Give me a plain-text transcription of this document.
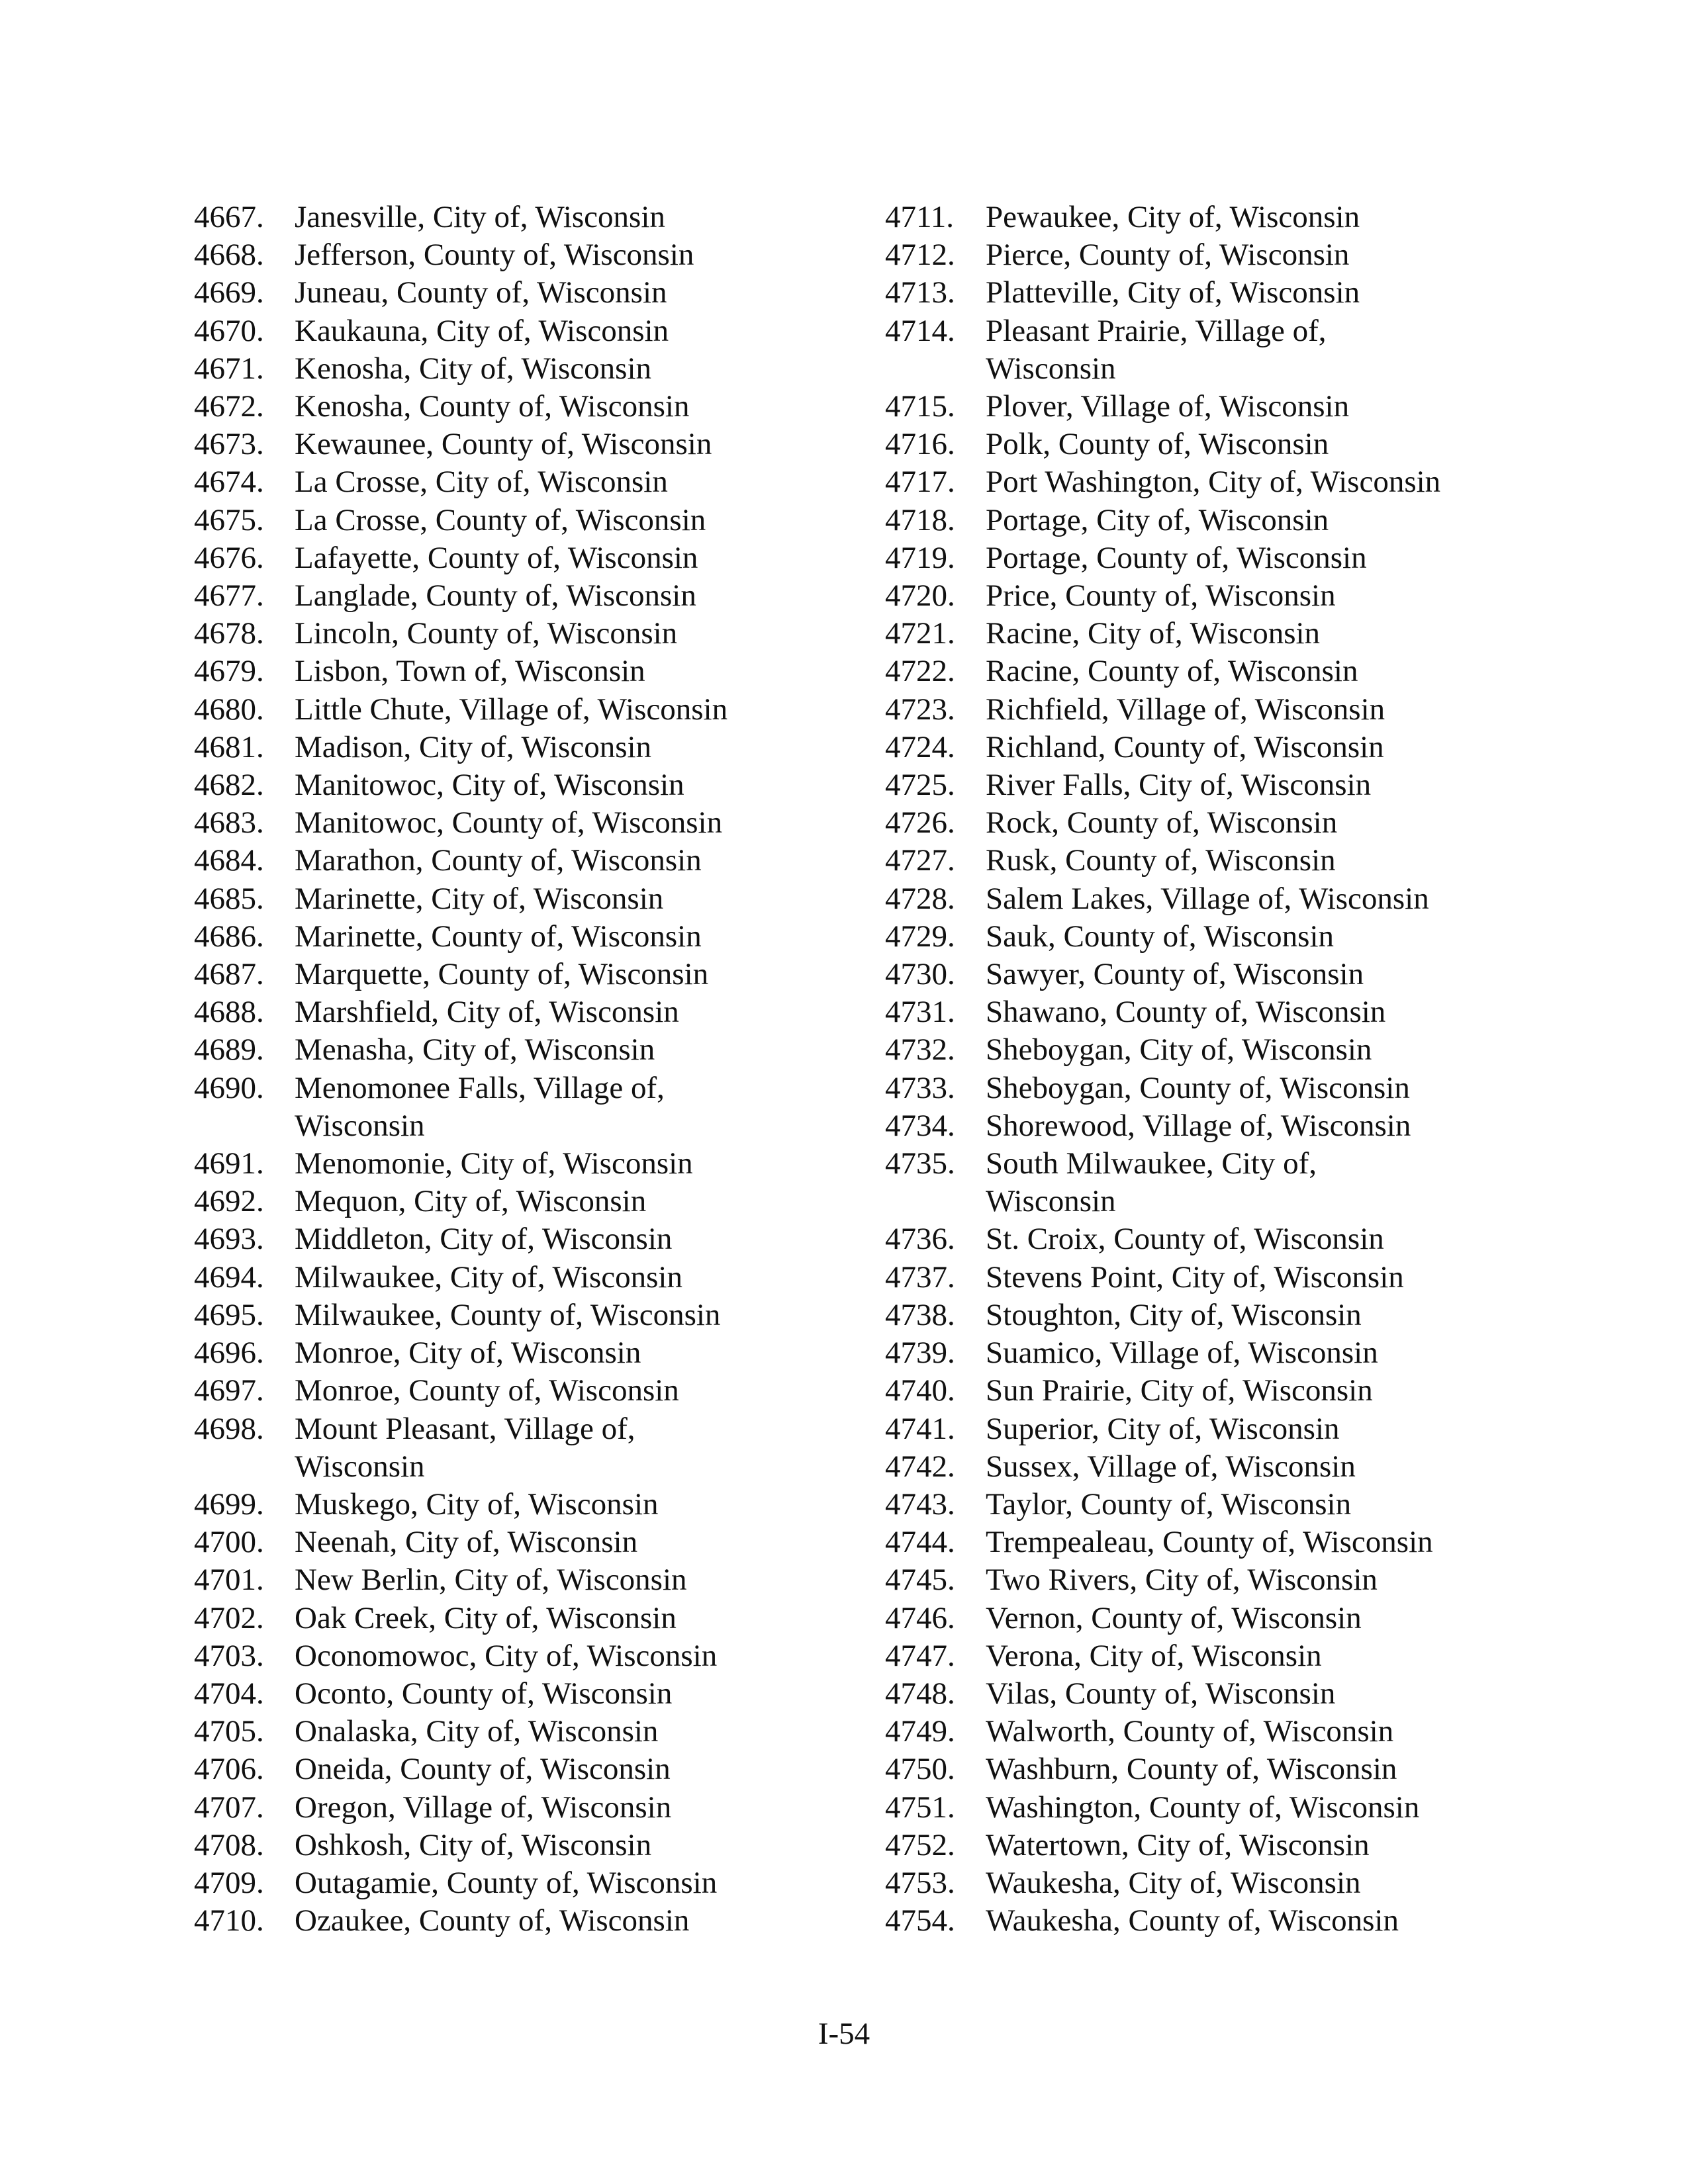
4667. Janesville, City of, Wisconsin
4668. Jefferson, County of, Wisconsin
4669. Juneau, County of, Wisconsin
4670. Kaukauna, City of, Wisconsin
4671. Kenosha, City of, Wisconsin
4672. Kenosha, County of, Wisconsin
4673. Kewaunee, County of, Wisconsin
4674. La Crosse, City of, Wisconsin
4675. La Crosse, County of, Wisconsin
4676. Lafayette, County of, Wisconsin
4677. Langlade, County of, Wisconsin
4678. Lincoln, County of, Wisconsin
4679. Lisbon, Town of, Wisconsin
4680. Little Chute, Village of, Wisconsin
4681. Madison, City of, Wisconsin
4682. Manitowoc, City of, Wisconsin
4683. Manitowoc, County of, Wisconsin
4684. Marathon, County of, Wisconsin
4685. Marinette, City of, Wisconsin
4686. Marinette, County of, Wisconsin
4687. Marquette, County of, Wisconsin
4688. Marshfield, City of, Wisconsin
4689. Menasha, City of, Wisconsin
4690. Menomonee Falls, Village of,
Wisconsin
4691. Menomonie, City of, Wisconsin
4692. Mequon, City of, Wisconsin
4693. Middleton, City of, Wisconsin
4694. Milwaukee, City of, Wisconsin
4695. Milwaukee, County of, Wisconsin
4696. Monroe, City of, Wisconsin
4697. Monroe, County of, Wisconsin
4698. Mount Pleasant, Village of,
Wisconsin
4699. Muskego, City of, Wisconsin
4700. Neenah, City of, Wisconsin
4701. New Berlin, City of, Wisconsin
4702. Oak Creek, City of, Wisconsin
4703. Oconomowoc, City of, Wisconsin
4704. Oconto, County of, Wisconsin
4705. Onalaska, City of, Wisconsin
4706. Oneida, County of, Wisconsin
4707. Oregon, Village of, Wisconsin
4708. Oshkosh, City of, Wisconsin
4709. Outagamie, County of, Wisconsin
4710. Ozaukee, County of, Wisconsin
4711. Pewaukee, City of, Wisconsin
4712. Pierce, County of, Wisconsin
4713. Platteville, City of, Wisconsin
4714. Pleasant Prairie, Village of,
Wisconsin
4715. Plover, Village of, Wisconsin
4716. Polk, County of, Wisconsin
4717. Port Washington, City of, Wisconsin
4718. Portage, City of, Wisconsin
4719. Portage, County of, Wisconsin
4720. Price, County of, Wisconsin
4721. Racine, City of, Wisconsin
4722. Racine, County of, Wisconsin
4723. Richfield, Village of, Wisconsin
4724. Richland, County of, Wisconsin
4725. River Falls, City of, Wisconsin
4726. Rock, County of, Wisconsin
4727. Rusk, County of, Wisconsin
4728. Salem Lakes, Village of, Wisconsin
4729. Sauk, County of, Wisconsin
4730. Sawyer, County of, Wisconsin
4731. Shawano, County of, Wisconsin
4732. Sheboygan, City of, Wisconsin
4733. Sheboygan, County of, Wisconsin
4734. Shorewood, Village of, Wisconsin
4735. South Milwaukee, City of,
Wisconsin
4736. St. Croix, County of, Wisconsin
4737. Stevens Point, City of, Wisconsin
4738. Stoughton, City of, Wisconsin
4739. Suamico, Village of, Wisconsin
4740. Sun Prairie, City of, Wisconsin
4741. Superior, City of, Wisconsin
4742. Sussex, Village of, Wisconsin
4743. Taylor, County of, Wisconsin
4744. Trempealeau, County of, Wisconsin
4745. Two Rivers, City of, Wisconsin
4746. Vernon, County of, Wisconsin
4747. Verona, City of, Wisconsin
4748. Vilas, County of, Wisconsin
4749. Walworth, County of, Wisconsin
4750. Washburn, County of, Wisconsin
4751. Washington, County of, Wisconsin
4752. Watertown, City of, Wisconsin
4753. Waukesha, City of, Wisconsin
4754. Waukesha, County of, Wisconsin
I-54
